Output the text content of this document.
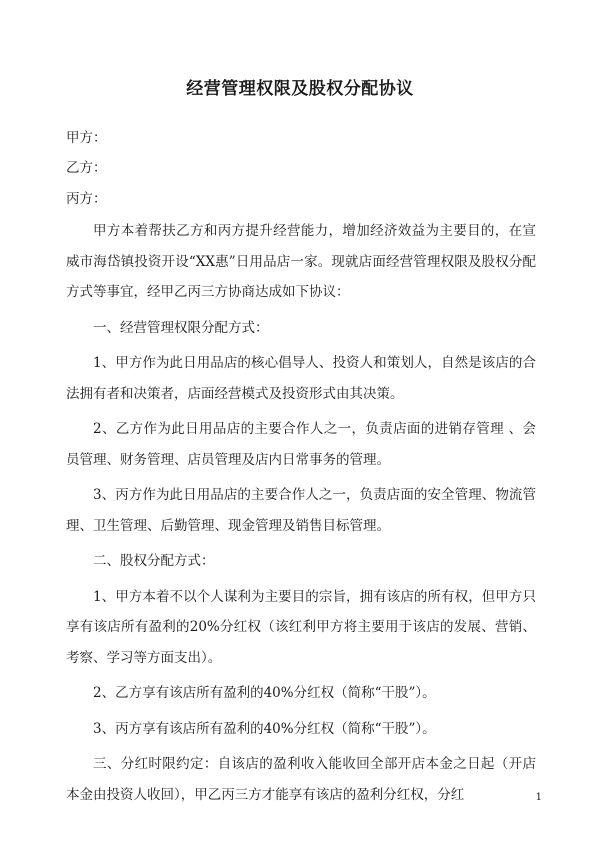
经营管理权限及股权分配协议

甲方：

乙方：

丙方：

甲方本着帮扶乙方和丙方提升经营能力，增加经济效益为主要目的，在宣威市海岱镇投资开设“XX惠”日用品店一家。现就店面经营管理权限及股权分配方式等事宜，经甲乙丙三方协商达成如下协议：

一、经营管理权限分配方式：

1、甲方作为此日用品店的核心倡导人、投资人和策划人，自然是该店的合法拥有者和决策者，店面经营模式及投资形式由其决策。

2、乙方作为此日用品店的主要合作人之一，负责店面的进销存管理 、会员管理、财务管理、店员管理及店内日常事务的管理。

3、丙方作为此日用品店的主要合作人之一，负责店面的安全管理、物流管理、卫生管理、后勤管理、现金管理及销售目标管理。

二、股权分配方式：

1、甲方本着不以个人谋利为主要目的宗旨，拥有该店的所有权，但甲方只享有该店所有盈利的20%分红权（该红利甲方将主要用于该店的发展、营销、考察、学习等方面支出）。

2、乙方享有该店所有盈利的40%分红权（简称“干股”）。

3、丙方享有该店所有盈利的40%分红权（简称“干股”）。

三、分红时限约定：自该店的盈利收入能收回全部开店本金之日起（开店本金由投资人收回），甲乙丙三方才能享有该店的盈利分红权，分红	1
